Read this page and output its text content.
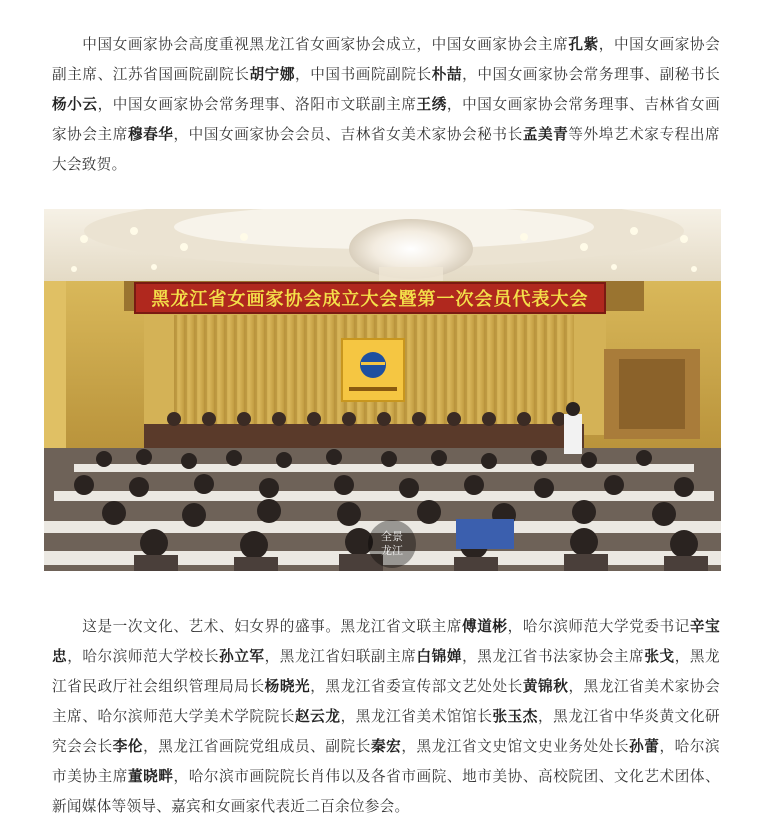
中国女画家协会高度重视黑龙江省女画家协会成立，中国女画家协会主席孔紫，中国女画家协会副主席、江苏省国画院副院长胡宁娜，中国书画院副院长朴喆，中国女画家协会常务理事、副秘书长杨小云，中国女画家协会常务理事、洛阳市文联副主席王绣，中国女画家协会常务理事、吉林省女画家协会主席穆春华，中国女画家协会会员、吉林省女美术家协会秘书长孟美青等外埠艺术家专程出席大会致贺。

黑龙江省女画家协会成立大会暨第一次会员代表大会
全景
龙江

这是一次文化、艺术、妇女界的盛事。黑龙江省文联主席傅道彬，哈尔滨师范大学党委书记辛宝忠，哈尔滨师范大学校长孙立军，黑龙江省妇联副主席白锦婵，黑龙江省书法家协会主席张戈，黑龙江省民政厅社会组织管理局局长杨晓光，黑龙江省委宣传部文艺处处长黄锦秋，黑龙江省美术家协会主席、哈尔滨师范大学美术学院院长赵云龙，黑龙江省美术馆馆长张玉杰，黑龙江省中华炎黄文化研究会会长李伦，黑龙江省画院党组成员、副院长秦宏，黑龙江省文史馆文史业务处处长孙蕾，哈尔滨市美协主席董晓畔，哈尔滨市画院院长肖伟以及各省市画院、地市美协、高校院团、文化艺术团体、新闻媒体等领导、嘉宾和女画家代表近二百余位参会。
